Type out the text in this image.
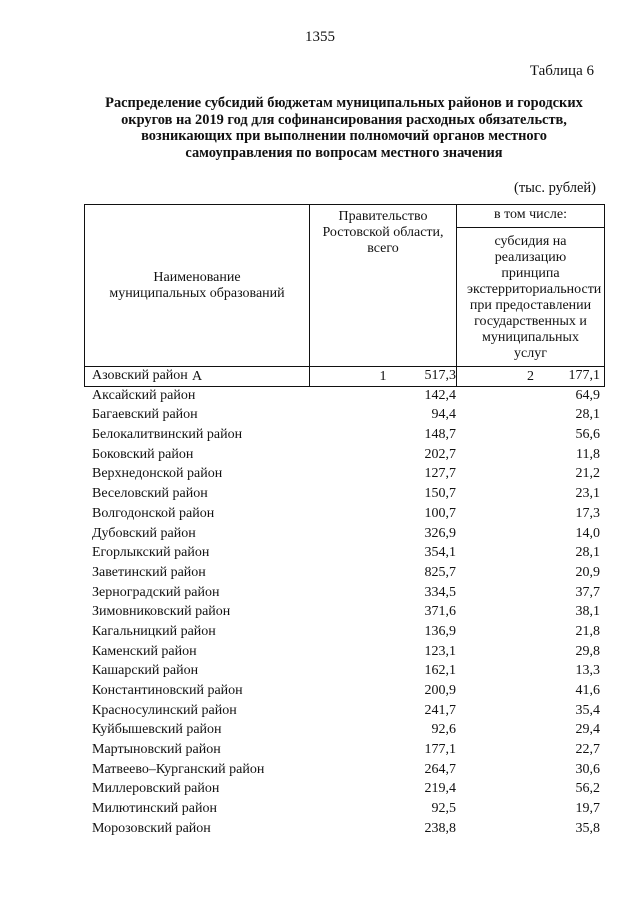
1355
Таблица 6
Распределение субсидий бюджетам муниципальных районов и городских
округов на 2019 год для софинансирования расходных обязательств,
возникающих при выполнении полномочий органов местного
самоуправления по вопросам местного значения
(тыс. рублей)
Наименование муниципальных образований	Правительство Ростовской области, всего	в том числе:

		субсидия на реализацию принципа экстерриториальности при предоставлении государственных и муниципальных услуг

А	1	2
Азовский район	517,3	177,1
Аксайский район	142,4	64,9
Багаевский район	94,4	28,1
Белокалитвинский район	148,7	56,6
Боковский район	202,7	11,8
Верхнедонской район	127,7	21,2
Веселовский район	150,7	23,1
Волгодонской район	100,7	17,3
Дубовский район	326,9	14,0
Егорлыкский район	354,1	28,1
Заветинский район	825,7	20,9
Зерноградский район	334,5	37,7
Зимовниковский район	371,6	38,1
Кагальницкий район	136,9	21,8
Каменский район	123,1	29,8
Кашарский район	162,1	13,3
Константиновский район	200,9	41,6
Красносулинский район	241,7	35,4
Куйбышевский район	92,6	29,4
Мартыновский район	177,1	22,7
Матвеево–Курганский район	264,7	30,6
Миллеровский район	219,4	56,2
Милютинский район	92,5	19,7
Морозовский район	238,8	35,8
